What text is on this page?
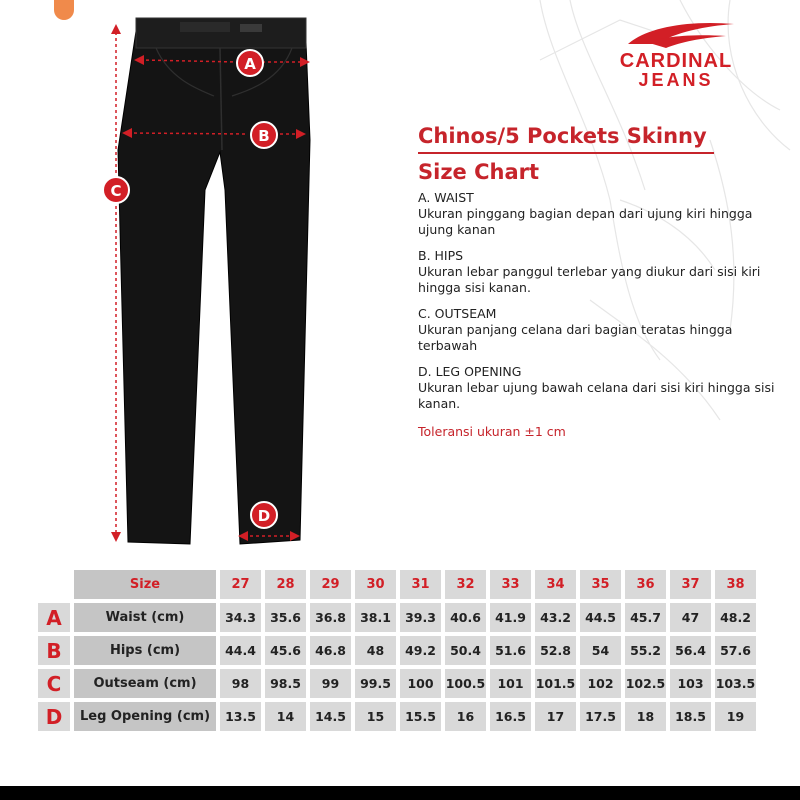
A
B
C
D
CARDINAL
JEANS
Chinos/5 Pockets Skinny
Size Chart
A. WAIST
Ukuran pinggang bagian depan dari ujung kiri hingga ujung kanan
B. HIPS
Ukuran lebar panggul terlebar yang diukur dari sisi kiri hingga sisi kanan.
C. OUTSEAM
Ukuran panjang celana dari bagian teratas hingga terbawah
D. LEG OPENING
Ukuran lebar ujung bawah celana dari sisi kiri hingga sisi kanan.
Toleransi ukuran ±1 cm
	Size	27	28	29	30	31	32	33	34	35	36	37	38
A	Waist (cm)	34.3	35.6	36.8	38.1	39.3	40.6	41.9	43.2	44.5	45.7	47	48.2
B	Hips (cm)	44.4	45.6	46.8	48	49.2	50.4	51.6	52.8	54	55.2	56.4	57.6
C	Outseam (cm)	98	98.5	99	99.5	100	100.5	101	101.5	102	102.5	103	103.5
D	Leg Opening (cm)	13.5	14	14.5	15	15.5	16	16.5	17	17.5	18	18.5	19
